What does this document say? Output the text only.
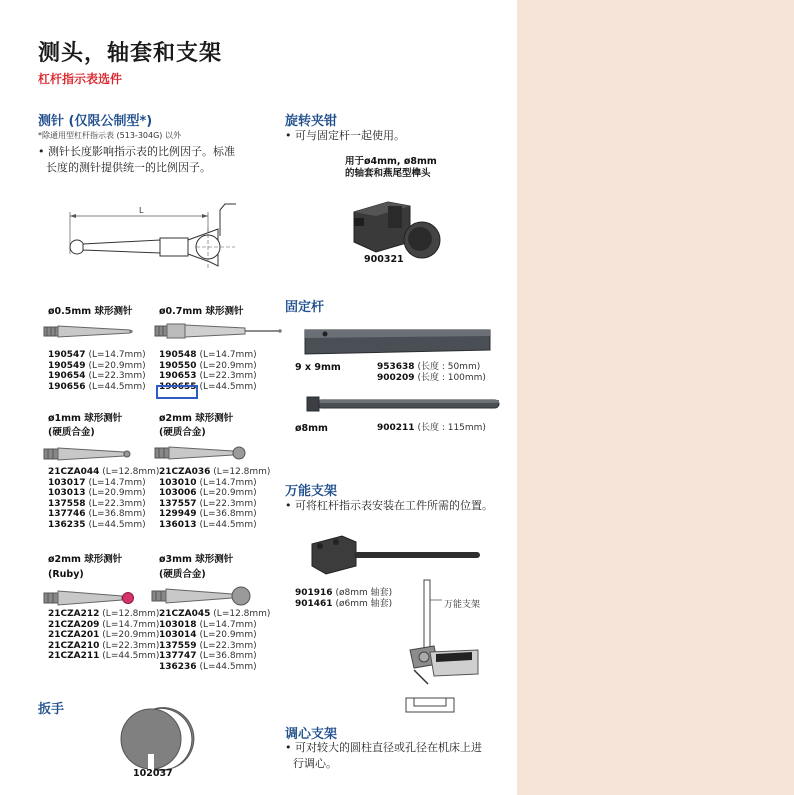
测头，轴套和支架
杠杆指示表选件
测针 (仅限公制型*)
*除通用型杠杆指示表 (513-304G) 以外
• 测针长度影响指示表的比例因子。标准
长度的测针提供统一的比例因子。
L
ø0.5mm 球形测针
190547 (L=14.7mm)
190549 (L=20.9mm)
190654 (L=22.3mm)
190656 (L=44.5mm)
ø0.7mm 球形测针
190548 (L=14.7mm)
190550 (L=20.9mm)
190653 (L=22.3mm)
190655 (L=44.5mm)
ø1mm 球形测针
(硬质合金)
21CZA044 (L=12.8mm)
103017 (L=14.7mm)
103013 (L=20.9mm)
137558 (L=22.3mm)
137746 (L=36.8mm)
136235 (L=44.5mm)
ø2mm 球形测针
(硬质合金)
21CZA036 (L=12.8mm)
103010 (L=14.7mm)
103006 (L=20.9mm)
137557 (L=22.3mm)
129949 (L=36.8mm)
136013 (L=44.5mm)
ø2mm 球形测针
(Ruby)
21CZA212 (L=12.8mm)
21CZA209 (L=14.7mm)
21CZA201 (L=20.9mm)
21CZA210 (L=22.3mm)
21CZA211 (L=44.5mm)
ø3mm 球形测针
(硬质合金)
21CZA045 (L=12.8mm)
103018 (L=14.7mm)
103014 (L=20.9mm)
137559 (L=22.3mm)
137747 (L=36.8mm)
136236 (L=44.5mm)
扳手
102037
旋转夹钳
• 可与固定杆一起使用。
用于ø4mm, ø8mm
的轴套和燕尾型榫头
900321
固定杆
9 x 9mm	953638 (长度 : 50mm)
900209 (长度 : 100mm)
ø8mm	900211 (长度 : 115mm)
万能支架
• 可将杠杆指示表安装在工件所需的位置。
901916 (ø8mm 轴套)
901461 (ø6mm 轴套)	万能支架
调心支架
• 可对较大的圆柱直径或孔径在机床上进
行调心。
